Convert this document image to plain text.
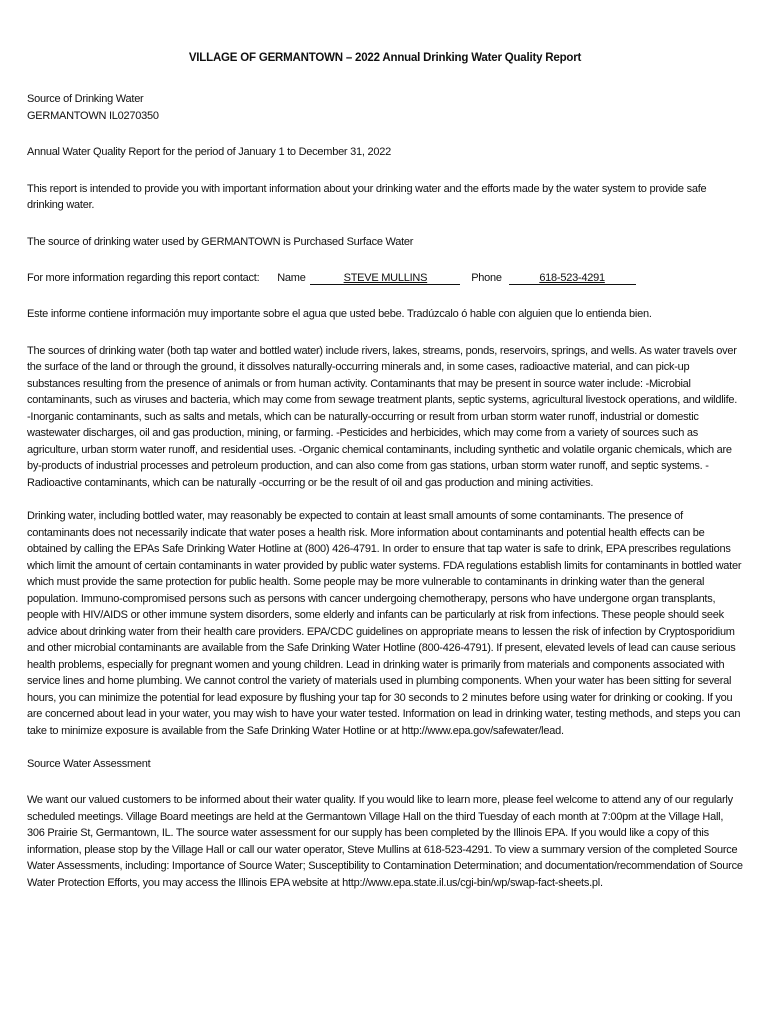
VILLAGE OF GERMANTOWN – 2022 Annual Drinking Water Quality Report
Source of Drinking Water
GERMANTOWN IL0270350
Annual Water Quality Report for the period of January 1 to December 31, 2022
This report is intended to provide you with important information about your drinking water and the efforts made by the water system to provide safe drinking water.
The source of drinking water used by GERMANTOWN is Purchased Surface Water
For more information regarding this report contact: Name	STEVE MULLINS	Phone	618-523-4291
Este informe contiene información muy importante sobre el agua que usted bebe. Tradúzcalo ó hable con alguien que lo entienda bien.
The sources of drinking water (both tap water and bottled water) include rivers, lakes, streams, ponds, reservoirs, springs, and wells. As water travels over the surface of the land or through the ground, it dissolves naturally-occurring minerals and, in some cases, radioactive material, and can pick-up substances resulting from the presence of animals or from human activity. Contaminants that may be present in source water include: -Microbial contaminants, such as viruses and bacteria, which may come from sewage treatment plants, septic systems, agricultural livestock operations, and wildlife. -Inorganic contaminants, such as salts and metals, which can be naturally-occurring or result from urban storm water runoff, industrial or domestic wastewater discharges, oil and gas production, mining, or farming. -Pesticides and herbicides, which may come from a variety of sources such as agriculture, urban storm water runoff, and residential uses. -Organic chemical contaminants, including synthetic and volatile organic chemicals, which are by-products of industrial processes and petroleum production, and can also come from gas stations, urban storm water runoff, and septic systems. -Radioactive contaminants, which can be naturally -occurring or be the result of oil and gas production and mining activities.
Drinking water, including bottled water, may reasonably be expected to contain at least small amounts of some contaminants. The presence of contaminants does not necessarily indicate that water poses a health risk. More information about contaminants and potential health effects can be obtained by calling the EPAs Safe Drinking Water Hotline at (800) 426-4791. In order to ensure that tap water is safe to drink, EPA prescribes regulations which limit the amount of certain contaminants in water provided by public water systems. FDA regulations establish limits for contaminants in bottled water which must provide the same protection for public health. Some people may be more vulnerable to contaminants in drinking water than the general population. Immuno-compromised persons such as persons with cancer undergoing chemotherapy, persons who have undergone organ transplants, people with HIV/AIDS or other immune system disorders, some elderly and infants can be particularly at risk from infections. These people should seek advice about drinking water from their health care providers. EPA/CDC guidelines on appropriate means to lessen the risk of infection by Cryptosporidium and other microbial contaminants are available from the Safe Drinking Water Hotline (800-426-4791). If present, elevated levels of lead can cause serious health problems, especially for pregnant women and young children. Lead in drinking water is primarily from materials and components associated with service lines and home plumbing. We cannot control the variety of materials used in plumbing components. When your water has been sitting for several hours, you can minimize the potential for lead exposure by flushing your tap for 30 seconds to 2 minutes before using water for drinking or cooking. If you are concerned about lead in your water, you may wish to have your water tested. Information on lead in drinking water, testing methods, and steps you can take to minimize exposure is available from the Safe Drinking Water Hotline or at http://www.epa.gov/safewater/lead.
Source Water Assessment
We want our valued customers to be informed about their water quality. If you would like to learn more, please feel welcome to attend any of our regularly scheduled meetings. Village Board meetings are held at the Germantown Village Hall on the third Tuesday of each month at 7:00pm at the Village Hall, 306 Prairie St, Germantown, IL. The source water assessment for our supply has been completed by the Illinois EPA. If you would like a copy of this information, please stop by the Village Hall or call our water operator, Steve Mullins at 618-523-4291. To view a summary version of the completed Source Water Assessments, including: Importance of Source Water; Susceptibility to Contamination Determination; and documentation/recommendation of Source Water Protection Efforts, you may access the Illinois EPA website at http://www.epa.state.il.us/cgi-bin/wp/swap-fact-sheets.pl.
